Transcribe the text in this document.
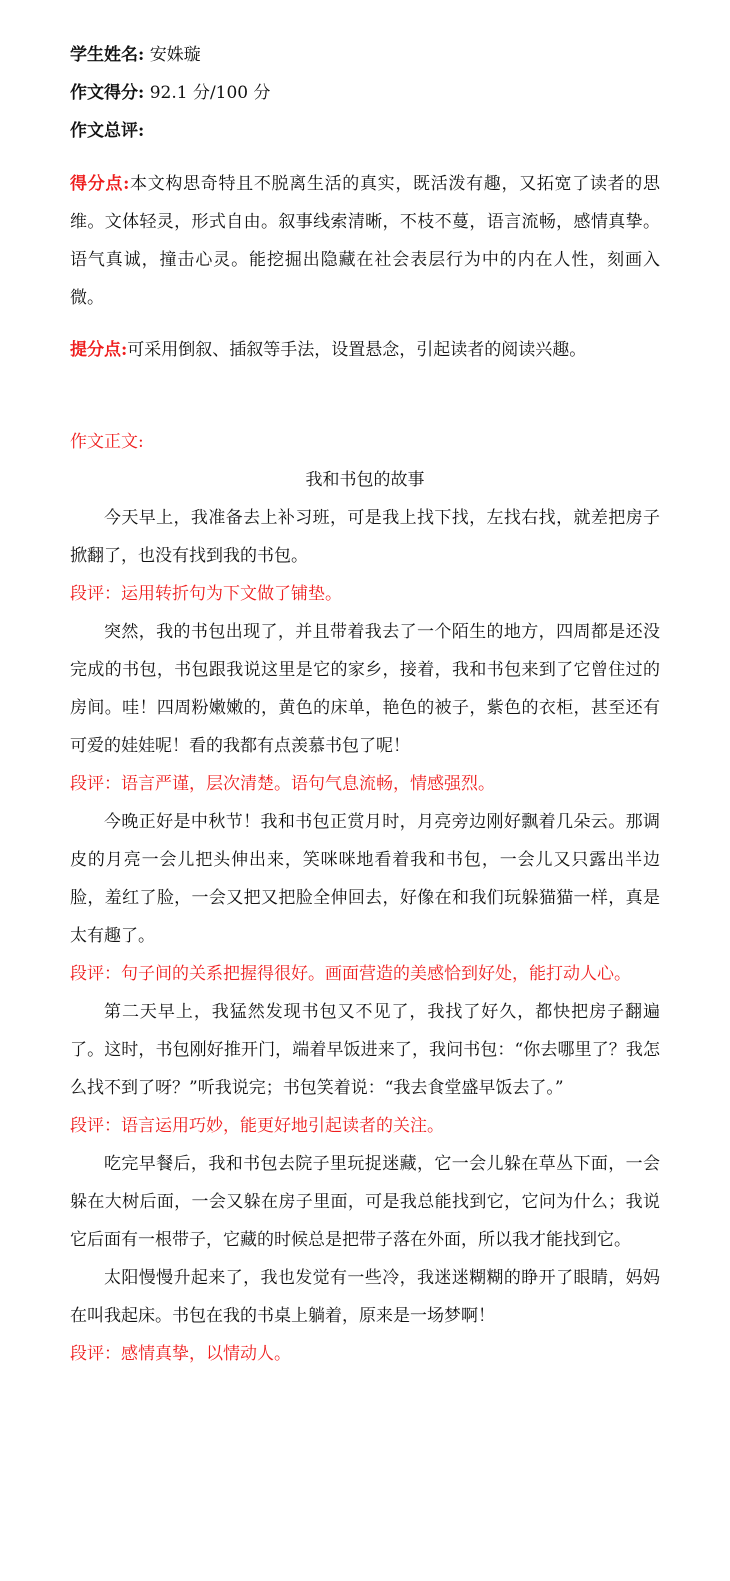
学生姓名: 安姝璇
作文得分: 92.1 分/100 分
作文总评:
得分点:本文构思奇特且不脱离生活的真实，既活泼有趣，又拓宽了读者的思维。文体轻灵，形式自由。叙事线索清晰，不枝不蔓，语言流畅，感情真挚。语气真诚，撞击心灵。能挖掘出隐藏在社会表层行为中的内在人性，刻画入微。
提分点:可采用倒叙、插叙等手法，设置悬念，引起读者的阅读兴趣。
作文正文:
我和书包的故事

今天早上，我准备去上补习班，可是我上找下找，左找右找，就差把房子掀翻了，也没有找到我的书包。

段评：运用转折句为下文做了铺垫。

突然，我的书包出现了，并且带着我去了一个陌生的地方，四周都是还没完成的书包，书包跟我说这里是它的家乡，接着，我和书包来到了它曾住过的房间。哇！四周粉嫩嫩的，黄色的床单，艳色的被子，紫色的衣柜，甚至还有可爱的娃娃呢！看的我都有点羡慕书包了呢！

段评：语言严谨，层次清楚。语句气息流畅，情感强烈。

今晚正好是中秋节！我和书包正赏月时，月亮旁边刚好飘着几朵云。那调皮的月亮一会儿把头伸出来，笑咪咪地看着我和书包，一会儿又只露出半边脸，羞红了脸，一会又把又把脸全伸回去，好像在和我们玩躲猫猫一样，真是太有趣了。

段评：句子间的关系把握得很好。画面营造的美感恰到好处，能打动人心。

第二天早上，我猛然发现书包又不见了，我找了好久，都快把房子翻遍了。这时，书包刚好推开门，端着早饭进来了，我问书包：“你去哪里了？我怎么找不到了呀？”听我说完；书包笑着说：“我去食堂盛早饭去了。”

段评：语言运用巧妙，能更好地引起读者的关注。

吃完早餐后，我和书包去院子里玩捉迷藏，它一会儿躲在草丛下面，一会躲在大树后面，一会又躲在房子里面，可是我总能找到它，它问为什么；我说它后面有一根带子，它藏的时候总是把带子落在外面，所以我才能找到它。

太阳慢慢升起来了，我也发觉有一些冷，我迷迷糊糊的睁开了眼睛，妈妈在叫我起床。书包在我的书桌上躺着，原来是一场梦啊！

段评：感情真挚，以情动人。
